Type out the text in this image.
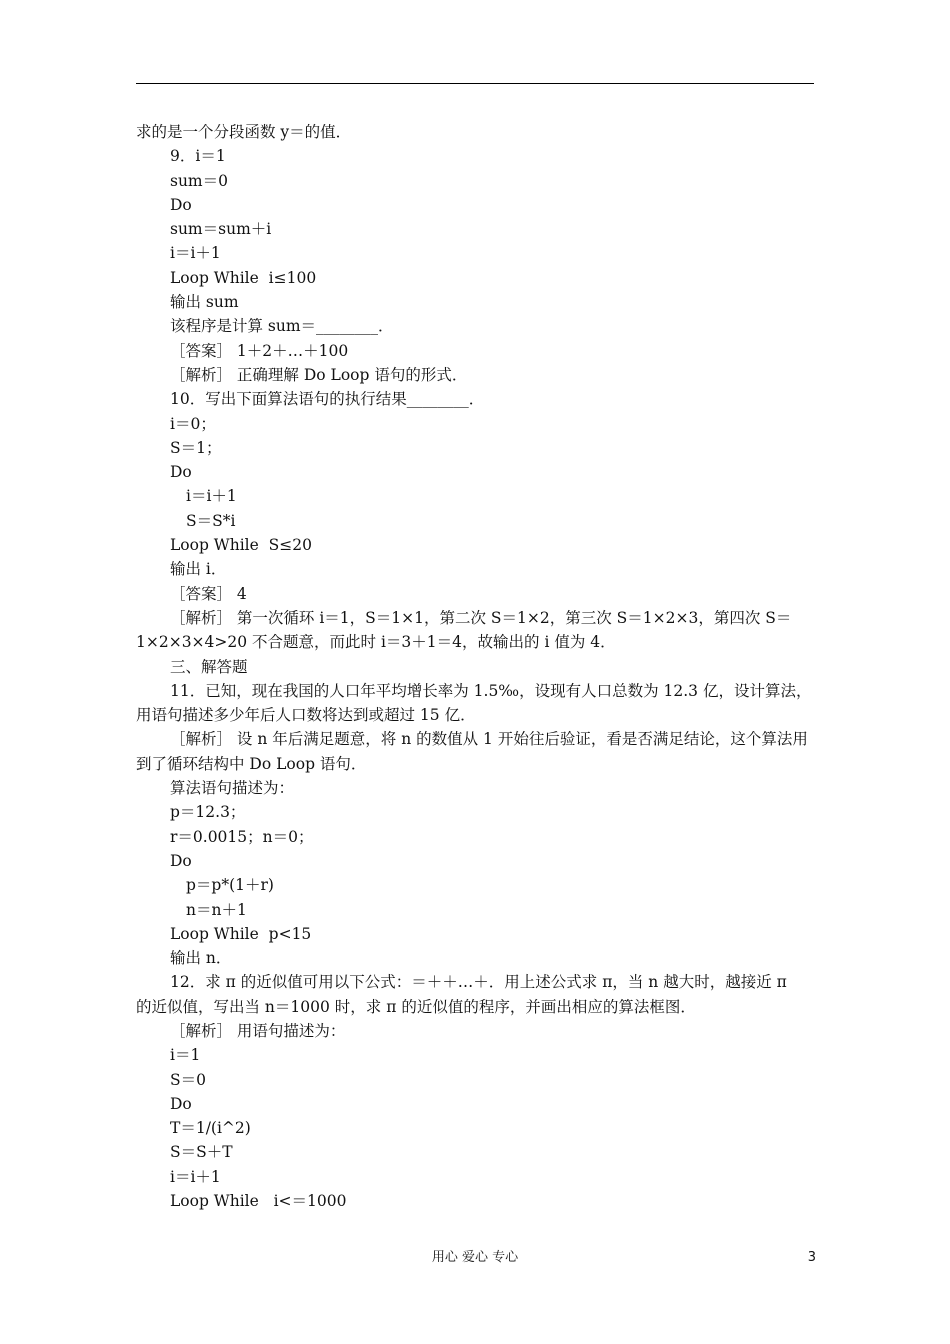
求的是一个分段函数 y＝的值．
9．i＝1
sum＝0
Do
sum＝sum＋i
i＝i＋1
Loop While  i≤100
输出 sum
该程序是计算 sum＝________．
［答案］ 1＋2＋…＋100
［解析］ 正确理解 Do Loop 语句的形式．
10．写出下面算法语句的执行结果________．
i＝0；
S＝1；
Do
i＝i＋1
S＝S*i
Loop While  S≤20
输出 i．
［答案］ 4
［解析］ 第一次循环 i＝1，S＝1×1，第二次 S＝1×2，第三次 S＝1×2×3，第四次 S＝
1×2×3×4>20 不合题意，而此时 i＝3＋1＝4，故输出的 i 值为 4．
三、解答题
11．已知，现在我国的人口年平均增长率为 1.5‰，设现有人口总数为 12.3 亿，设计算法，
用语句描述多少年后人口数将达到或超过 15 亿．
［解析］ 设 n 年后满足题意，将 n 的数值从 1 开始往后验证，看是否满足结论，这个算法用
到了循环结构中 Do Loop 语句．
算法语句描述为：
p＝12.3；
r＝0.0015；n＝0；
Do
p＝p*(1＋r)
n＝n＋1
Loop While  p<15
输出 n．
12．求 π 的近似值可用以下公式：＝＋＋…＋．用上述公式求 π，当 n 越大时，越接近 π
的近似值，写出当 n＝1000 时，求 π 的近似值的程序，并画出相应的算法框图．
［解析］ 用语句描述为：
i＝1
S＝0
Do
T＝1/(i^2)
S＝S＋T
i＝i＋1
Loop While   i<＝1000
用心 爱心 专心	3
